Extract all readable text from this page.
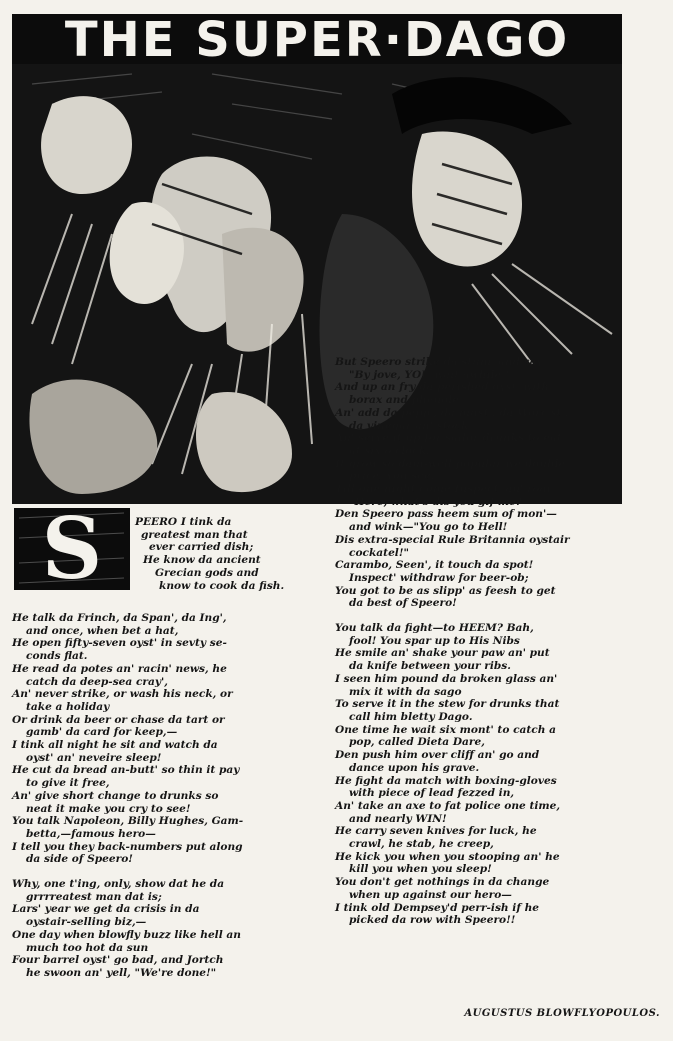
THE SUPER·DAGO
S	PEERO I tink da

greatest man that

ever carried dish;

He know da ancient

Grecian gods and

know to cook da fish.

He talk da Frinch, da Span', da Ing',

and once, when bet a hat,

He open fifty-seven oyst' in sevty se-

conds flat.

He read da potes an' racin' news, he

catch da deep-sea cray',

An' never strike, or wash his neck, or

take a holiday

Or drink da beer or chase da tart or

gamb' da card for keep,—

I tink all night he sit and watch da

oyst' an' neveire sleep!

He cut da bread an-butt' so thin it pay

to give it free,

An' give short change to drunks so

neat it make you cry to see!

You talk Napoleon, Billy Hughes, Gam-

betta,—famous hero—

I tell you they back-numbers put along

da side of Speero!

Why, one t'ing, only, show dat he da

grrrreatest man dat is;

Lars' year we get da crisis in da

oystair-selling biz,—

One day when blowfly buzz like hell an

much too hot da sun

Four barrel oyst' go bad, and Jortch

he swoon an' yell, "We're done!"

But Speero strike da stum' and say

"By jove, YOU wait awhile!"

And up an fry da perished oyst' with

borax and phenole

An' add da pepp', da must', da Worc'st',

da vinegar an' stock

An' serve it up for sailor drunks to eat

at six o'clock.

It grow so dam-well popular we double

price, you see,

Till one night come Inspect' an' roar

"Here, what's dis you gif me?"

Den Speero pass heem sum of mon'—

and wink—"You go to Hell!

Dis extra-special Rule Britannia oystair

cockatel!"

Carambo, Seen', it touch da spot!

Inspect' withdraw for beer-ob;

You got to be as slipp' as feesh to get

da best of Speero!

You talk da fight—to HEEM? Bah,

fool! You spar up to His Nibs

He smile an' shake your paw an' put

da knife between your ribs.

I seen him pound da broken glass an'

mix it with da sago

To serve it in the stew for drunks that

call him bletty Dago.

One time he wait six mont' to catch a

pop, called Dieta Dare,

Den push him over cliff an' go and

dance upon his grave.

He fight da match with boxing-gloves

with piece of lead fezzed in,

An' take an axe to fat police one time,

and nearly WIN!

He carry seven knives for luck, he

crawl, he stab, he creep,

He kick you when you stooping an' he

kill you when you sleep!

You don't get nothings in da change

when up against our hero—

I tink old Dempsey'd perr-ish if he

picked da row with Speero!!

AUGUSTUS BLOWFLYOPOULOS.
